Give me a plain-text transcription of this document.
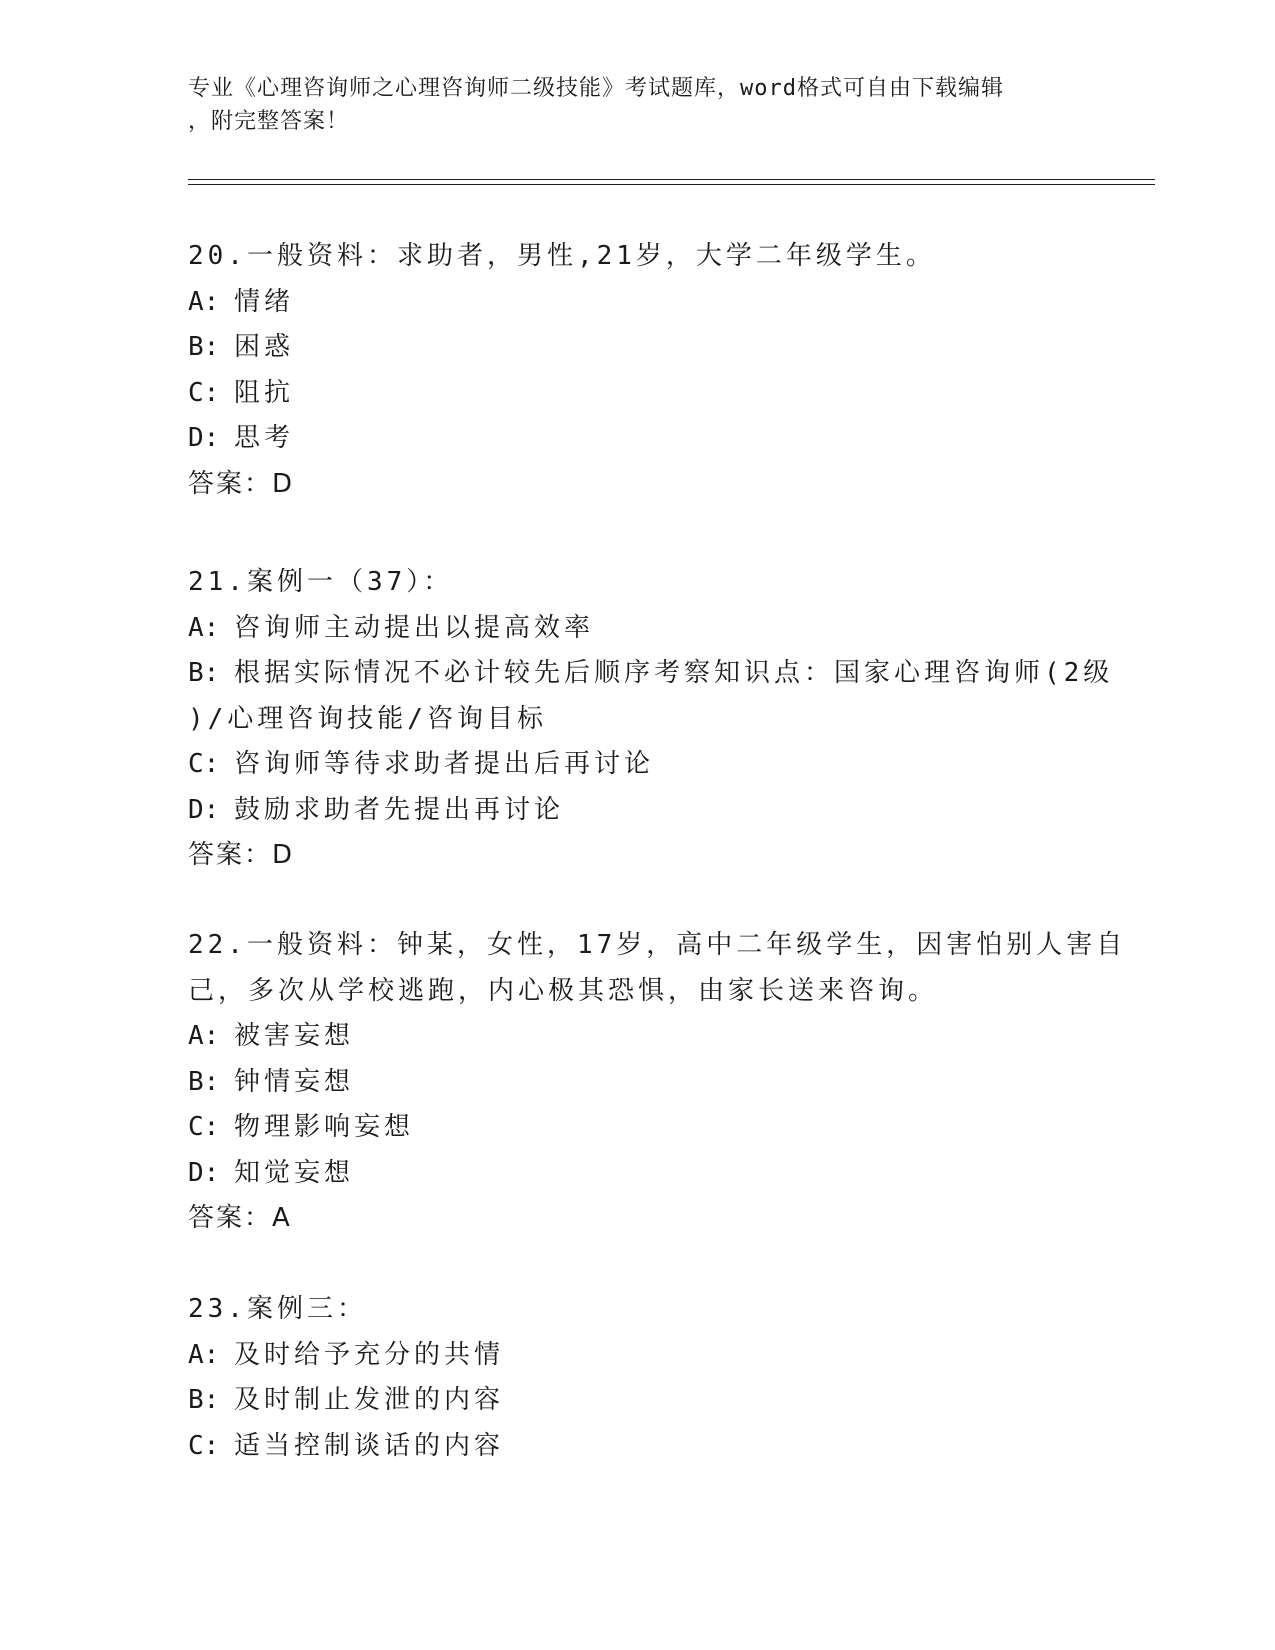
专业《心理咨询师之心理咨询师二级技能》考试题库，word格式可自由下载编辑
，附完整答案！
20.一般资料：求助者，男性,21岁，大学二年级学生。
A: 情绪
B: 困惑
C: 阻抗
D: 思考
答案：D
21.案例一（37）：
A: 咨询师主动提出以提高效率
B: 根据实际情况不必计较先后顺序考察知识点：国家心理咨询师(2级
)/心理咨询技能/咨询目标
C: 咨询师等待求助者提出后再讨论
D: 鼓励求助者先提出再讨论
答案：D
22.一般资料：钟某，女性，17岁，高中二年级学生，因害怕别人害自
己，多次从学校逃跑，内心极其恐惧，由家长送来咨询。
A: 被害妄想
B: 钟情妄想
C: 物理影响妄想
D: 知觉妄想
答案：A
23.案例三：
A: 及时给予充分的共情
B: 及时制止发泄的内容
C: 适当控制谈话的内容
